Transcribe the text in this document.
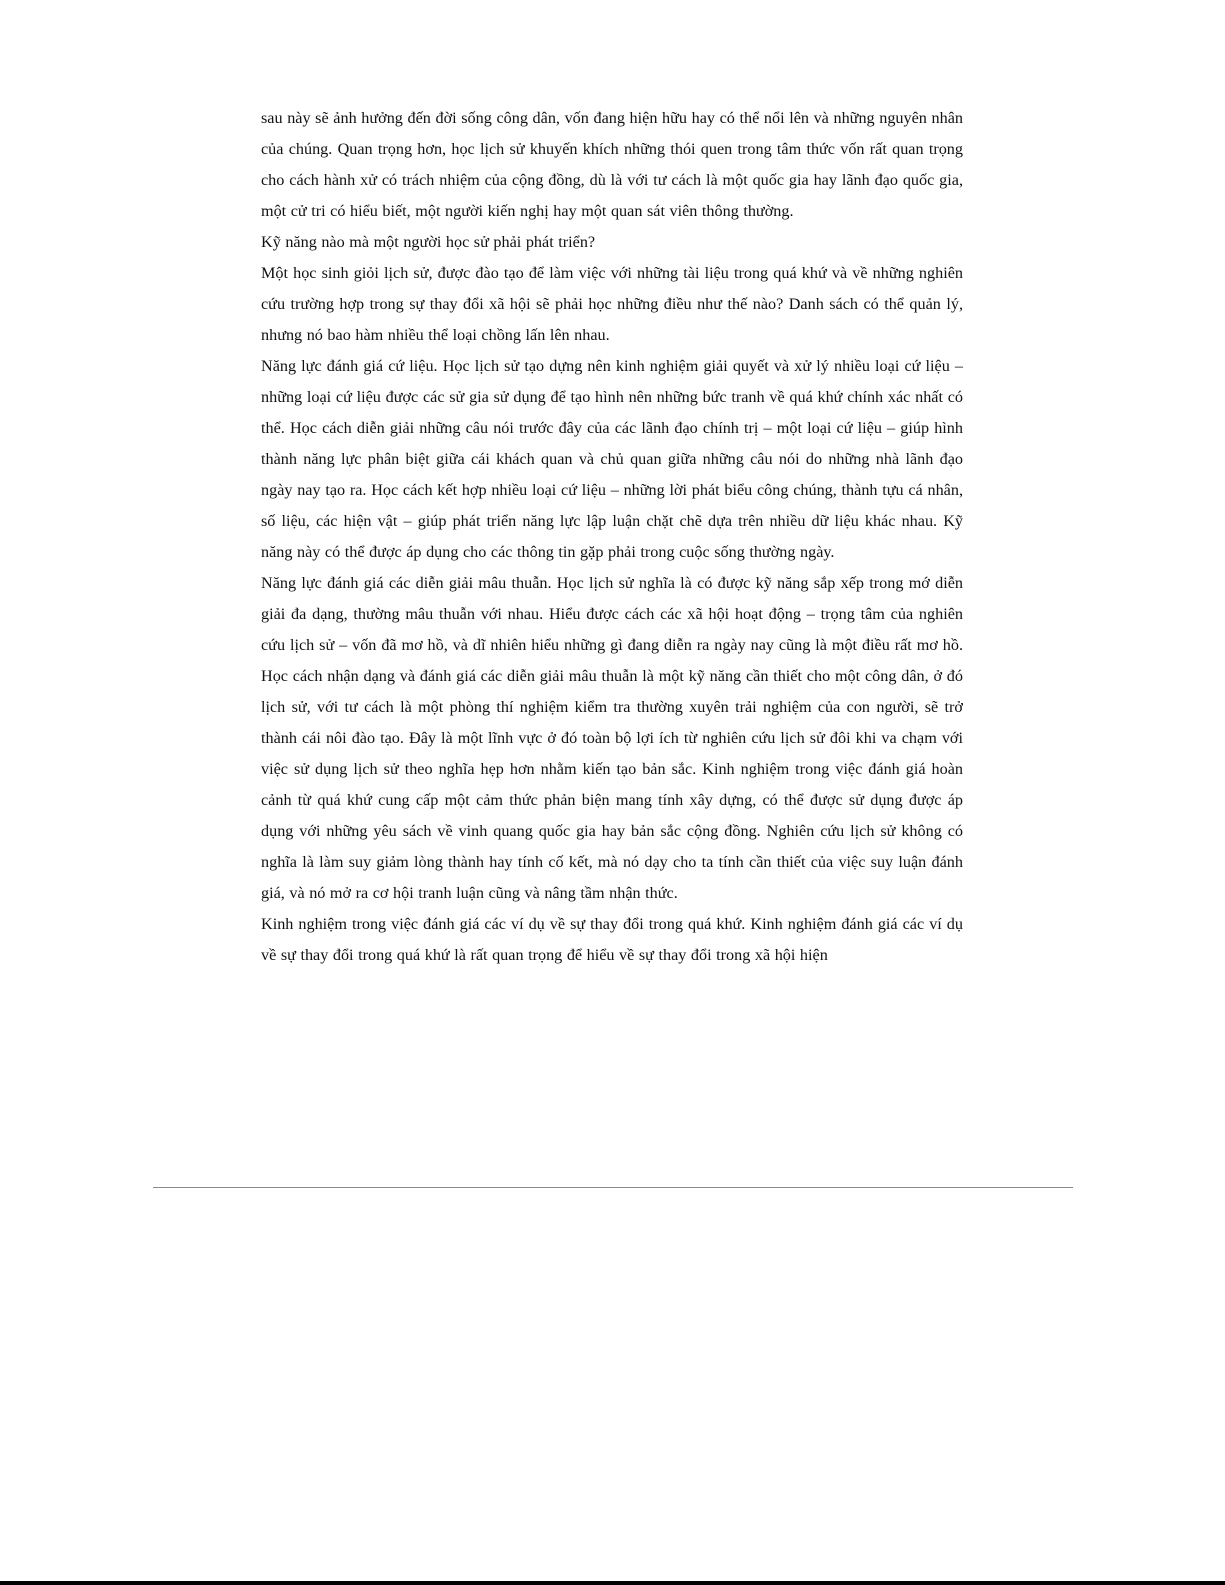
sau này sẽ ảnh hưởng đến đời sống công dân, vốn đang hiện hữu hay có thể nổi lên và những nguyên nhân của chúng. Quan trọng hơn, học lịch sử khuyến khích những thói quen trong tâm thức vốn rất quan trọng cho cách hành xử có trách nhiệm của cộng đồng, dù là với tư cách là một quốc gia hay lãnh đạo quốc gia, một cử tri có hiểu biết, một người kiến nghị hay một quan sát viên thông thường.

Kỹ năng nào mà một người học sử phải phát triển?

Một học sinh giỏi lịch sử, được đào tạo để làm việc với những tài liệu trong quá khứ và về những nghiên cứu trường hợp trong sự thay đổi xã hội sẽ phải học những điều như thế nào? Danh sách có thể quản lý, nhưng nó bao hàm nhiều thể loại chồng lấn lên nhau.

Năng lực đánh giá cứ liệu. Học lịch sử tạo dựng nên kinh nghiệm giải quyết và xử lý nhiều loại cứ liệu – những loại cứ liệu được các sử gia sử dụng để tạo hình nên những bức tranh về quá khứ chính xác nhất có thể. Học cách diễn giải những câu nói trước đây của các lãnh đạo chính trị – một loại cứ liệu – giúp hình thành năng lực phân biệt giữa cái khách quan và chủ quan giữa những câu nói do những nhà lãnh đạo ngày nay tạo ra. Học cách kết hợp nhiều loại cứ liệu – những lời phát biểu công chúng, thành tựu cá nhân, số liệu, các hiện vật – giúp phát triển năng lực lập luận chặt chẽ dựa trên nhiều dữ liệu khác nhau. Kỹ năng này có thể được áp dụng cho các thông tin gặp phải trong cuộc sống thường ngày.

Năng lực đánh giá các diễn giải mâu thuẫn. Học lịch sử nghĩa là có được kỹ năng sắp xếp trong mớ diễn giải đa dạng, thường mâu thuẫn với nhau. Hiểu được cách các xã hội hoạt động – trọng tâm của nghiên cứu lịch sử – vốn đã mơ hồ, và dĩ nhiên hiểu những gì đang diễn ra ngày nay cũng là một điều rất mơ hồ. Học cách nhận dạng và đánh giá các diễn giải mâu thuẫn là một kỹ năng cần thiết cho một công dân, ở đó lịch sử, với tư cách là một phòng thí nghiệm kiểm tra thường xuyên trải nghiệm của con người, sẽ trở thành cái nôi đào tạo. Đây là một lĩnh vực ở đó toàn bộ lợi ích từ nghiên cứu lịch sử đôi khi va chạm với việc sử dụng lịch sử theo nghĩa hẹp hơn nhằm kiến tạo bản sắc. Kinh nghiệm trong việc đánh giá hoàn cảnh từ quá khứ cung cấp một cảm thức phản biện mang tính xây dựng, có thể được sử dụng được áp dụng với những yêu sách về vinh quang quốc gia hay bản sắc cộng đồng. Nghiên cứu lịch sử không có nghĩa là làm suy giảm lòng thành hay tính cố kết, mà nó dạy cho ta tính cần thiết của việc suy luận đánh giá, và nó mở ra cơ hội tranh luận cũng và nâng tầm nhận thức.

Kinh nghiệm trong việc đánh giá các ví dụ về sự thay đổi trong quá khứ. Kinh nghiệm đánh giá các ví dụ về sự thay đổi trong quá khứ là rất quan trọng để hiểu về sự thay đổi trong xã hội hiện
